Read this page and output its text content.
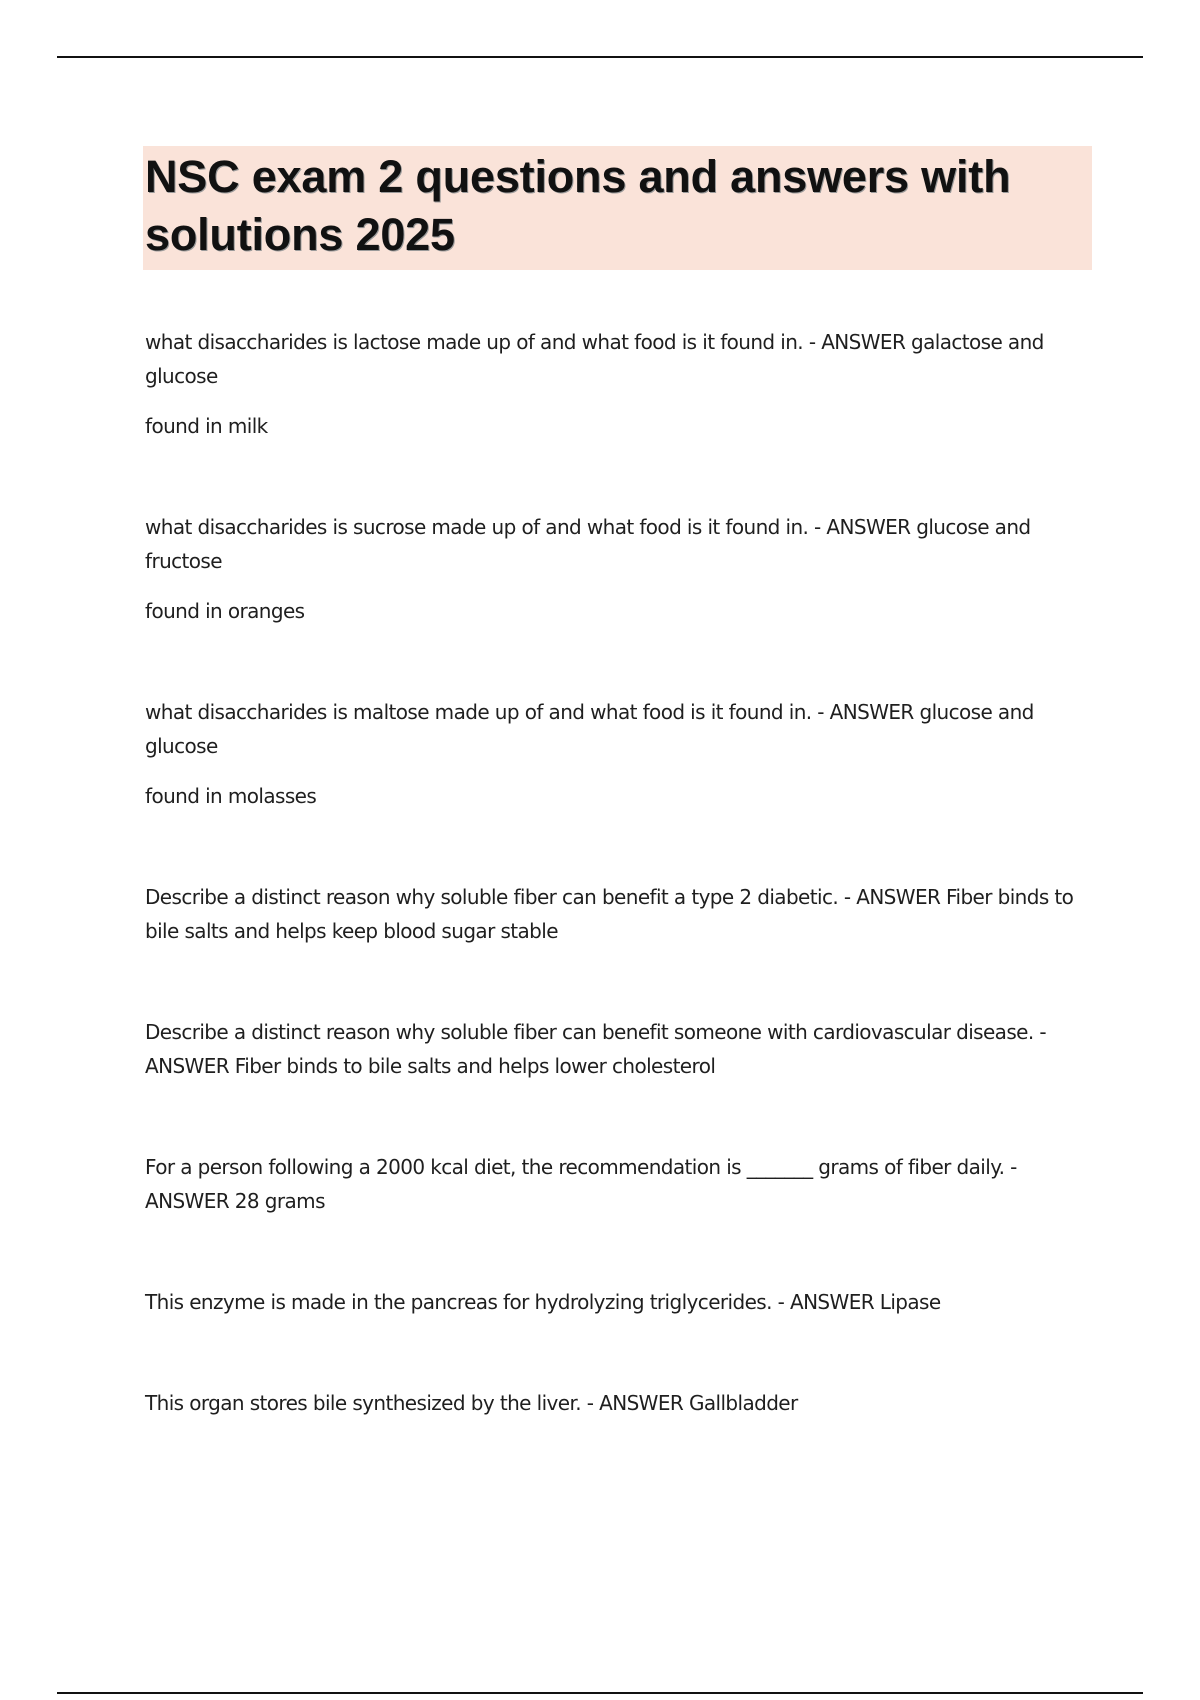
NSC exam 2 questions and answers with solutions 2025

what disaccharides is lactose made up of and what food is it found in. - ANSWER galactose and glucose

found in milk

what disaccharides is sucrose made up of and what food is it found in. - ANSWER glucose and fructose

found in oranges

what disaccharides is maltose made up of and what food is it found in. - ANSWER glucose and glucose

found in molasses

Describe a distinct reason why soluble fiber can benefit a type 2 diabetic. - ANSWER Fiber binds to bile salts and helps keep blood sugar stable

Describe a distinct reason why soluble fiber can benefit someone with cardiovascular disease. - ANSWER Fiber binds to bile salts and helps lower cholesterol

For a person following a 2000 kcal diet, the recommendation is _______ grams of fiber daily. - ANSWER 28 grams

This enzyme is made in the pancreas for hydrolyzing triglycerides. - ANSWER Lipase

This organ stores bile synthesized by the liver. - ANSWER Gallbladder
